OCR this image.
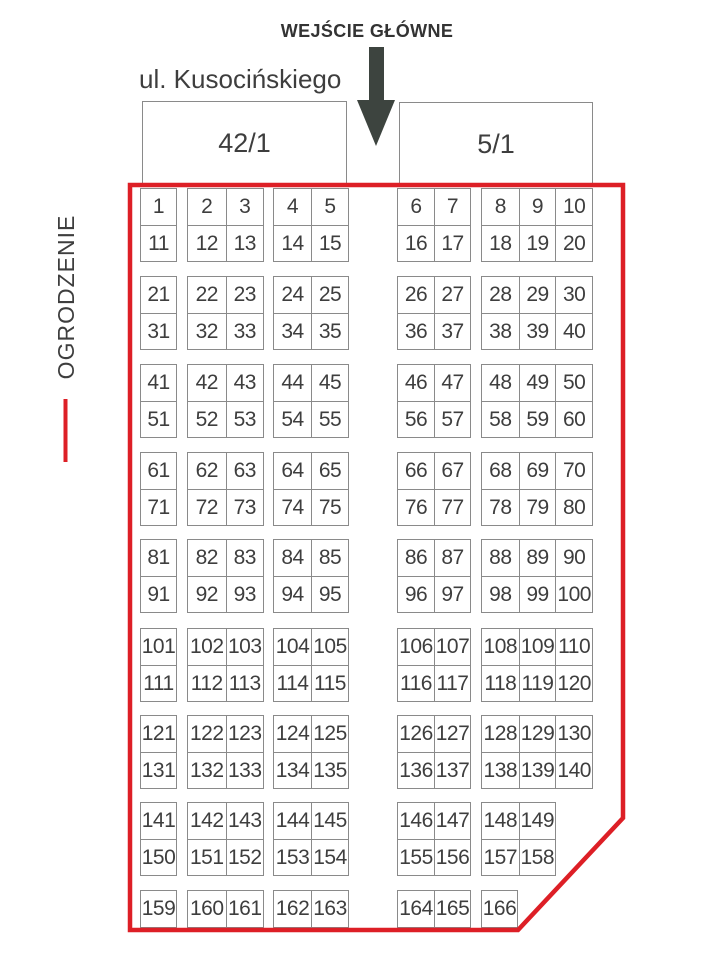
WEJŚCIE GŁÓWNE
ul. Kusocińskiego
42/1	5/1
OGRODZENIE
1
11
2	3
12 13
4	5
14 15
6	7
16 17
8	9 10
18 19 20
21
31
22 23
32 33
24 25
34 35
26 27
36 37
28 29 30
38 39 40
41
51
42 43
52 53
44 45
54 55
46 47
56 57
48 49 50
58 59 60
61
71
62 63
72 73
64 65
74 75
66 67
76 77
68 69 70
78 79 80
81
91
82 83
92 93
84 85
94 95
86 87
96 97
88 89 90
98 99 100
101
111
102 103
112 113
104 105
114 115
106 107
116 117
108 109 110
118 119 120
121
131
122 123
132 133
124 125
134 135
126 127
136 137
128 129 130
138 139 140
141
150
142 143
151 152
144 145
153 154
146 147
155 156
148 149
157 158
159 160 161 162 163 164 165 166
